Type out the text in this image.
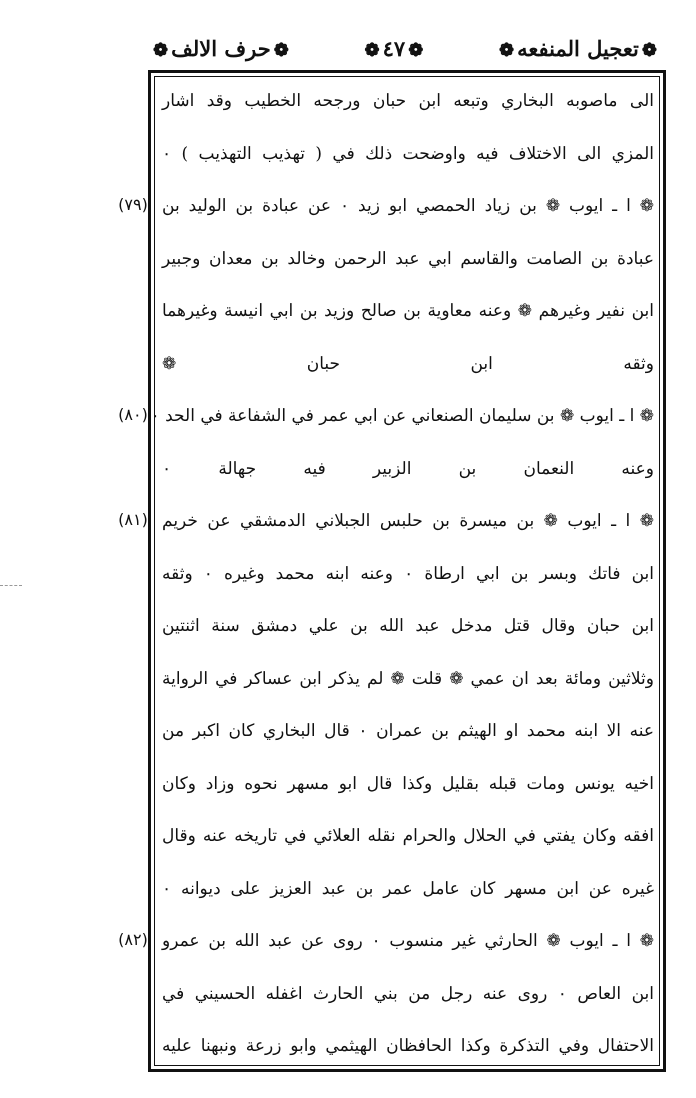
❁تعجيل المنفعه❁
❁٤٧❁
❁حرف الالف❁
الى ماصوبه البخاري وتبعه ابن حبان ورجحه الخطيب وقد اشار
المزي الى الاختلاف فيه واوضحت ذلك في ( تهذيب التهذيب ) ٠
❁ ا ـ ايوب ❁ بن زياد الحمصي ابو زيد ٠ عن عبادة بن الوليد بن
عبادة بن الصامت والقاسم ابي عبد الرحمن وخالد بن معدان وجبير
ابن نفير وغيرهم ❁ وعنه معاوية بن صالح وزيد بن ابي انيسة وغيرهما
وثقه ابن حبان ❁
❁ ا ـ ايوب ❁ بن سليمان الصنعاني عن ابي عمر في الشفاعة في الحد ٠
وعنه النعمان بن الزبير فيه جهالة ٠
❁ ا ـ ايوب ❁ بن ميسرة بن حلبس الجبلاني الدمشقي عن خريم
ابن فاتك وبسر بن ابي ارطاة ٠ وعنه ابنه محمد وغيره ٠ وثقه
ابن حبان وقال قتل مدخل عبد الله بن علي دمشق سنة اثنتين
وثلاثين ومائة بعد ان عمي ❁ قلت ❁ لم يذكر ابن عساكر في الرواية
عنه الا ابنه محمد او الهيثم بن عمران ٠ قال البخاري كان اكبر من
اخيه يونس ومات قبله بقليل وكذا قال ابو مسهر نحوه وزاد وكان
افقه وكان يفتي في الحلال والحرام نقله العلائي في تاريخه عنه وقال
غيره عن ابن مسهر كان عامل عمر بن عبد العزيز على ديوانه ٠
❁ ا ـ ايوب ❁ الحارثي غير منسوب ٠ روى عن عبد الله بن عمرو
ابن العاص ٠ روى عنه رجل من بني الحارث اغفله الحسيني في
الاحتفال وفي التذكرة وكذا الحافظان الهيثمي وابو زرعة ونبهنا عليه
(٧٩)
(٨٠)
(٨١)
(٨٢)
